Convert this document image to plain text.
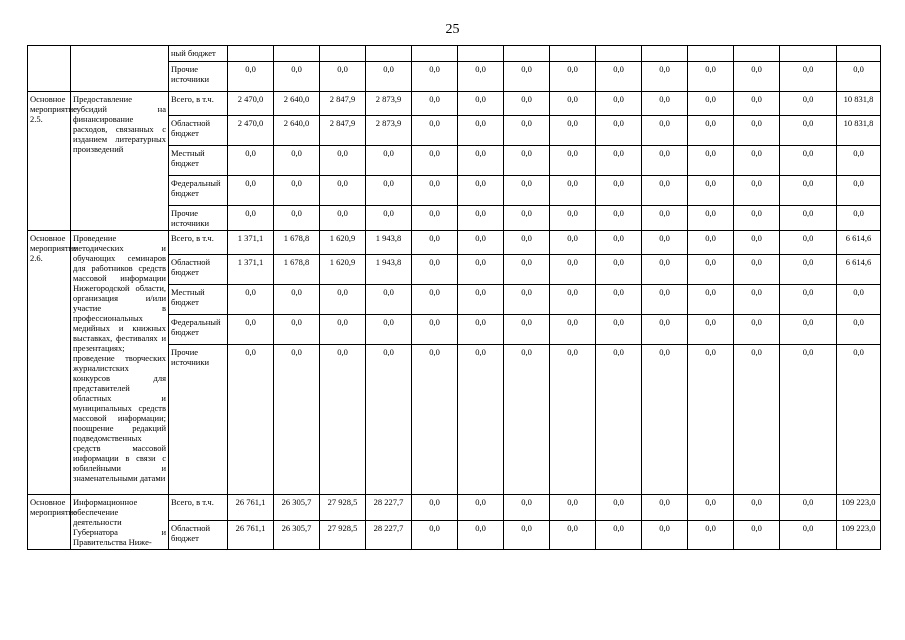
25
		ный бюджет														
		Прочие источники	0,0	0,0	0,0	0,0	0,0	0,0	0,0	0,0	0,0	0,0	0,0	0,0	0,0	0,0
Основное мероприятие 2.5.	Предоставление субсидий на финансирование расходов, связанных с изданием литературных произведений	Всего, в т.ч.	2 470,0	2 640,0	2 847,9	2 873,9	0,0	0,0	0,0	0,0	0,0	0,0	0,0	0,0	0,0	10 831,8
		Областной бюджет	2 470,0	2 640,0	2 847,9	2 873,9	0,0	0,0	0,0	0,0	0,0	0,0	0,0	0,0	0,0	10 831,8
		Местный бюджет	0,0	0,0	0,0	0,0	0,0	0,0	0,0	0,0	0,0	0,0	0,0	0,0	0,0	0,0
		Федеральный бюджет	0,0	0,0	0,0	0,0	0,0	0,0	0,0	0,0	0,0	0,0	0,0	0,0	0,0	0,0
		Прочие источники	0,0	0,0	0,0	0,0	0,0	0,0	0,0	0,0	0,0	0,0	0,0	0,0	0,0	0,0
Основное мероприятие 2.6.	Проведение методических и обучающих семинаров для работников средств массовой информации Нижегородской области, организация и/или участие в профессиональных медийных и книжных выставках, фестивалях и презентациях; проведение творческих журналистских конкурсов для представителей областных и муниципальных средств массовой информации; поощрение редакций подведомственных средств массовой информации в связи с юбилейными и знаменательными датами	Всего, в т.ч.	1 371,1	1 678,8	1 620,9	1 943,8	0,0	0,0	0,0	0,0	0,0	0,0	0,0	0,0	0,0	6 614,6
		Областной бюджет	1 371,1	1 678,8	1 620,9	1 943,8	0,0	0,0	0,0	0,0	0,0	0,0	0,0	0,0	0,0	6 614,6
		Местный бюджет	0,0	0,0	0,0	0,0	0,0	0,0	0,0	0,0	0,0	0,0	0,0	0,0	0,0	0,0
		Федеральный бюджет	0,0	0,0	0,0	0,0	0,0	0,0	0,0	0,0	0,0	0,0	0,0	0,0	0,0	0,0
		Прочие источники	0,0	0,0	0,0	0,0	0,0	0,0	0,0	0,0	0,0	0,0	0,0	0,0	0,0	0,0
Основное мероприятие	Информационное обеспечение деятельности Губернатора и Правительства Ниже-	Всего, в т.ч.	26 761,1	26 305,7	27 928,5	28 227,7	0,0	0,0	0,0	0,0	0,0	0,0	0,0	0,0	0,0	109 223,0
		Областной бюджет	26 761,1	26 305,7	27 928,5	28 227,7	0,0	0,0	0,0	0,0	0,0	0,0	0,0	0,0	0,0	109 223,0
